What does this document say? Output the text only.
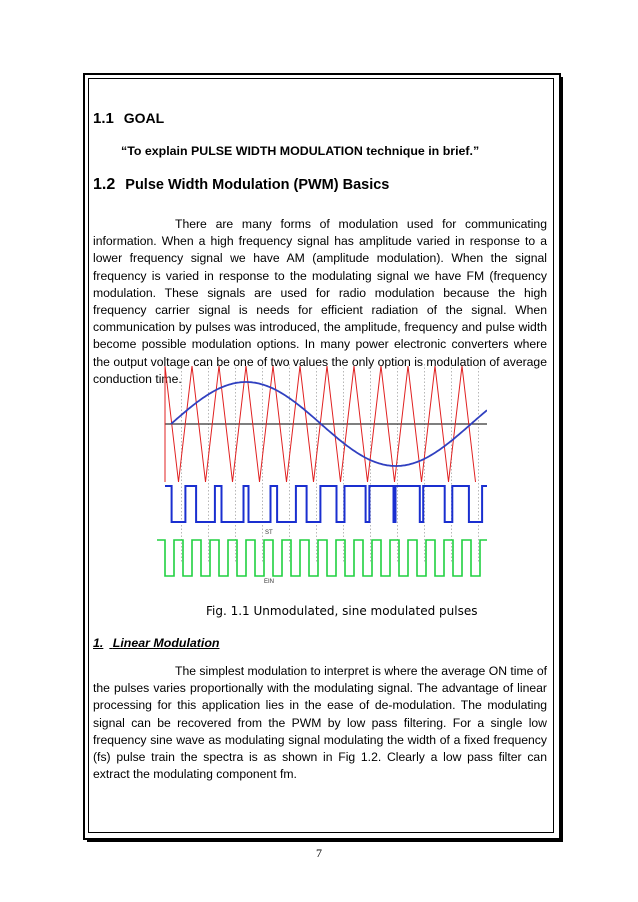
1.1 GOAL
“To explain PULSE WIDTH MODULATION technique in brief.”
1.2 Pulse Width Modulation (PWM) Basics
There are many forms of modulation used for communicating information. When a high frequency signal has amplitude varied in response to a lower frequency signal we have AM (amplitude modulation). When the signal frequency is varied in response to the modulating signal we have FM (frequency modulation. These signals are used for radio modulation because the high frequency carrier signal is needs for efficient radiation of the signal. When communication by pulses was introduced, the amplitude, frequency and pulse width become possible modulation options. In many power electronic converters where the output voltage can be one of two values the only option is modulation of average conduction time.
ST
EIN
Fig. 1.1 Unmodulated, sine modulated pulses
1. Linear Modulation
The simplest modulation to interpret is where the average ON time of the pulses varies proportionally with the modulating signal. The advantage of linear processing for this application lies in the ease of de-modulation. The modulating signal can be recovered from the PWM by low pass filtering. For a single low frequency sine wave as modulating signal modulating the width of a fixed frequency (fs) pulse train the spectra is as shown in Fig 1.2. Clearly a low pass filter can extract the modulating component fm.
7
